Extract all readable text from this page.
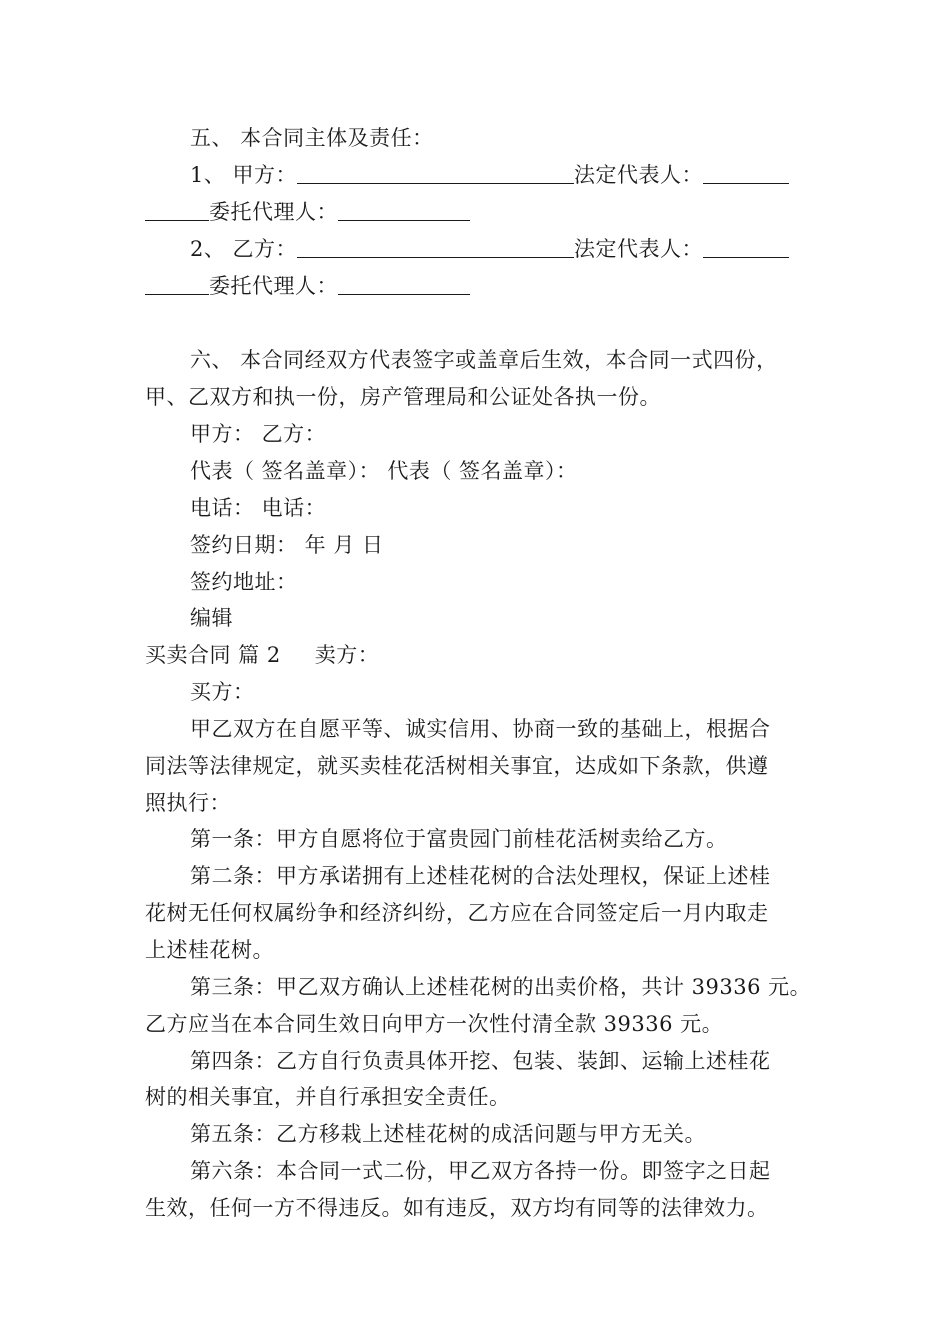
五、 本合同主体及责任：
1、 甲方：	法定代表人：
委托代理人：
2、 乙方：	法定代表人：
委托代理人：
六、 本合同经双方代表签字或盖章后生效，本合同一式四份，
甲、乙双方和执一份，房产管理局和公证处各执一份。
甲方： 乙方：
代表（ 签名盖章）： 代表（ 签名盖章）：
电话： 电话：
签约日期： 年 月 日
签约地址：
编辑
买卖合同 篇 2 卖方：
买方：
甲乙双方在自愿平等、诚实信用、协商一致的基础上，根据合
同法等法律规定，就买卖桂花活树相关事宜，达成如下条款，供遵
照执行：
第一条：甲方自愿将位于富贵园门前桂花活树卖给乙方。
第二条：甲方承诺拥有上述桂花树的合法处理权，保证上述桂
花树无任何权属纷争和经济纠纷，乙方应在合同签定后一月内取走
上述桂花树。
第三条：甲乙双方确认上述桂花树的出卖价格，共计 39336 元。
乙方应当在本合同生效日向甲方一次性付清全款 39336 元。
第四条：乙方自行负责具体开挖、包装、装卸、运输上述桂花
树的相关事宜，并自行承担安全责任。
第五条：乙方移栽上述桂花树的成活问题与甲方无关。
第六条：本合同一式二份，甲乙双方各持一份。即签字之日起
生效，任何一方不得违反。如有违反，双方均有同等的法律效力。
